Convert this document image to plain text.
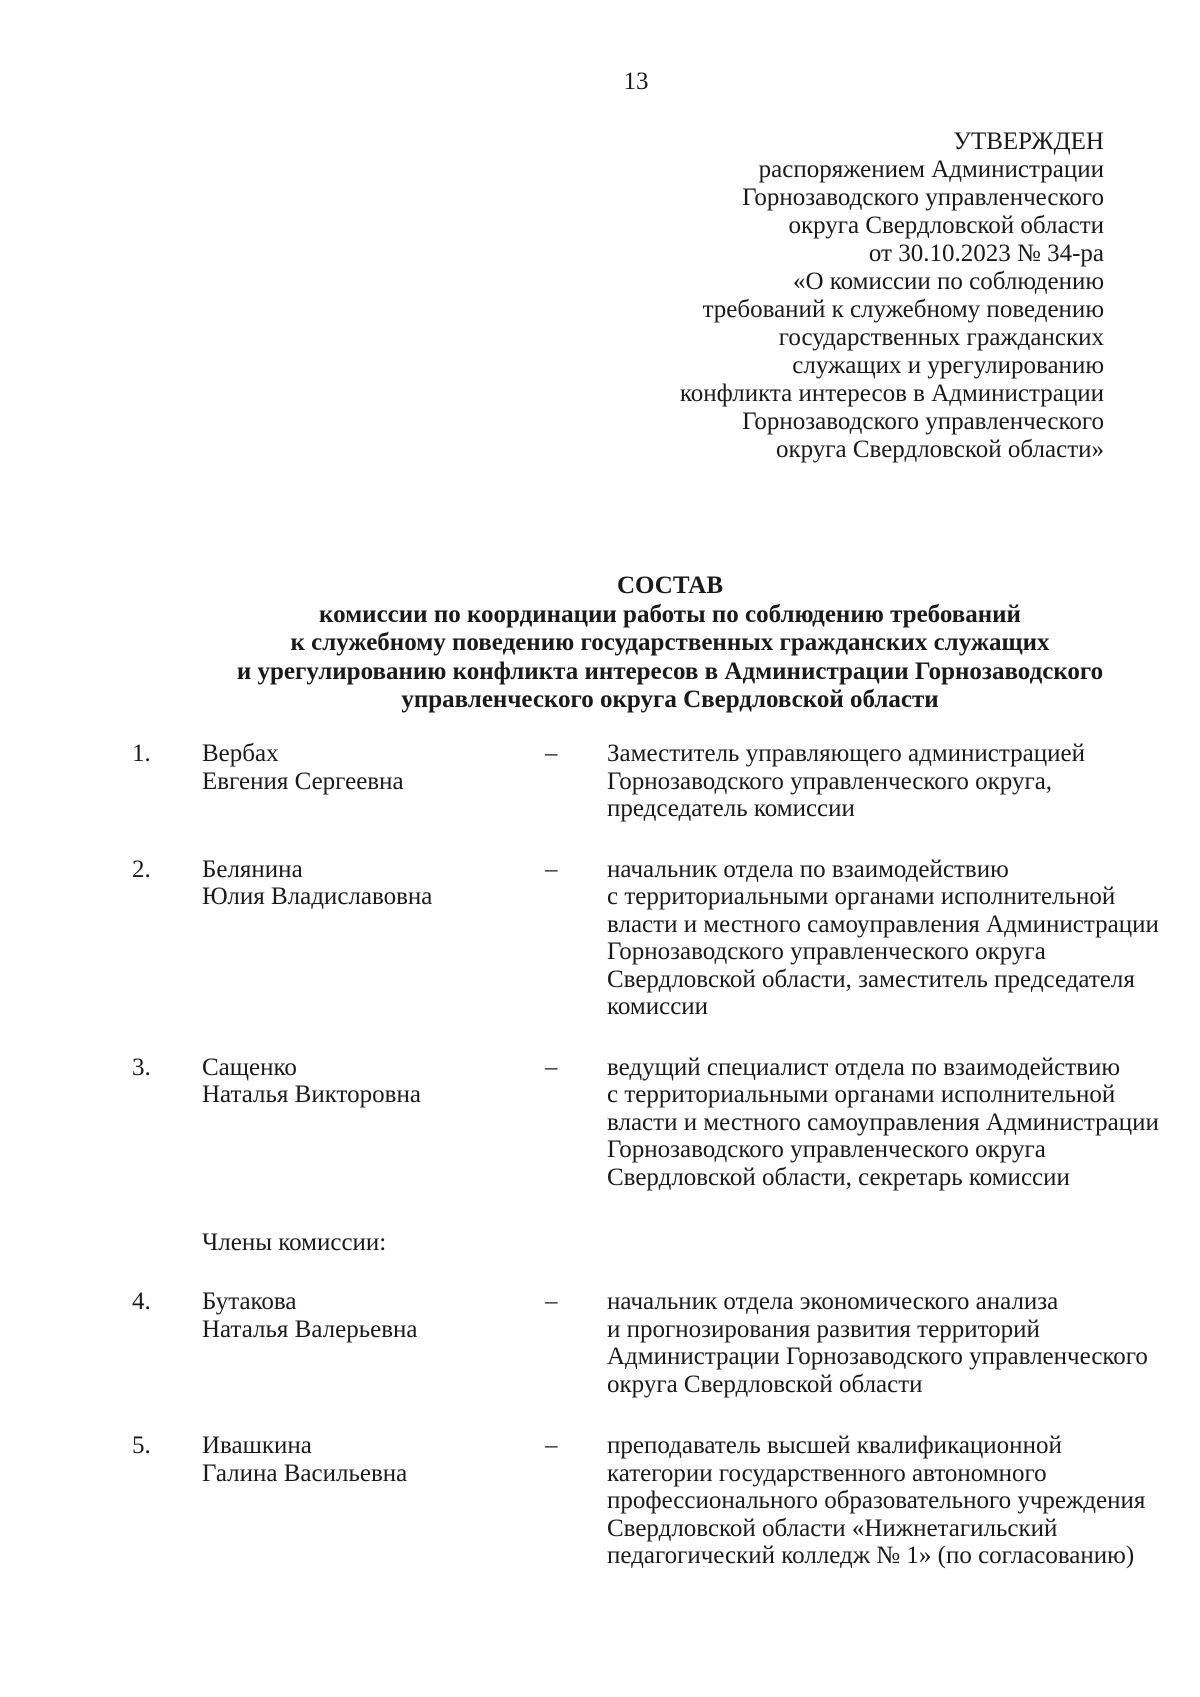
13
УТВЕРЖДЕН
распоряжением Администрации
Горнозаводского управленческого
округа Свердловской области
от 30.10.2023 № 34-ра
«О комиссии по соблюдению
требований к служебному поведению
государственных гражданских
служащих и урегулированию
конфликта интересов в Администрации
Горнозаводского управленческого
округа Свердловской области»
СОСТАВ
комиссии по координации работы по соблюдению требований
к служебному поведению государственных гражданских служащих
и урегулированию конфликта интересов в Администрации Горнозаводского
управленческого округа Свердловской области
1. Вербах
Евгения Сергеевна
– Заместитель управляющего администрацией
Горнозаводского управленческого округа,
председатель комиссии
2. Белянина
Юлия Владиславовна
– начальник отдела по взаимодействию
с территориальными органами исполнительной
власти и местного самоуправления Администрации
Горнозаводского управленческого округа
Свердловской области, заместитель председателя
комиссии
3. Сащенко
Наталья Викторовна
– ведущий специалист отдела по взаимодействию
с территориальными органами исполнительной
власти и местного самоуправления Администрации
Горнозаводского управленческого округа
Свердловской области, секретарь комиссии
Члены комиссии:
4. Бутакова
Наталья Валерьевна
– начальник отдела экономического анализа
и прогнозирования развития территорий
Администрации Горнозаводского управленческого
округа Свердловской области
5. Ивашкина
Галина Васильевна
– преподаватель высшей квалификационной
категории государственного автономного
профессионального образовательного учреждения
Свердловской области «Нижнетагильский
педагогический колледж № 1» (по согласованию)
